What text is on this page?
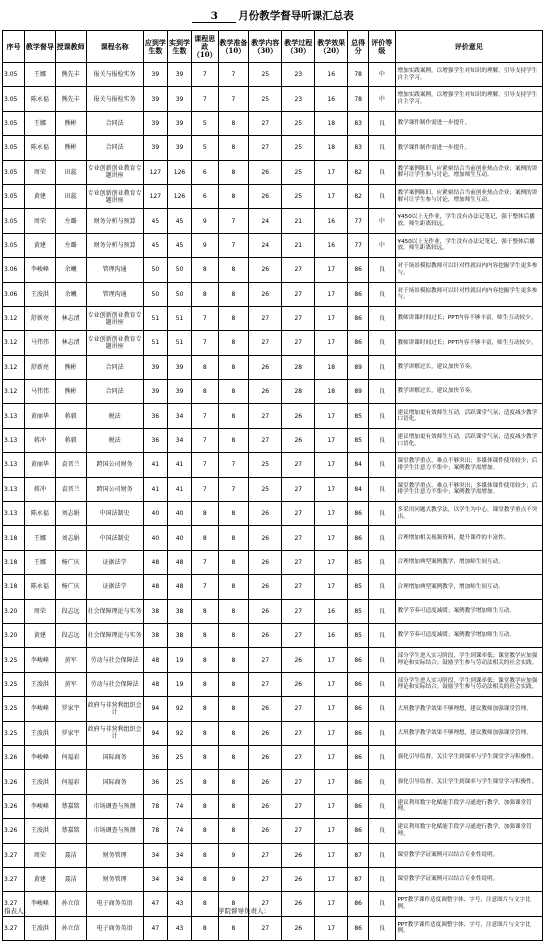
3 月份教学督导听课汇总表
序号	教学督导	授课教师	课程名称	应到学生数	实到学生数	课程思政（10）	教学准备（10）	教学内容（30）	教学过程（30）	教学效果（20）	总得分	评价等级	评价意见
3.05	王娜	熊先丰	报关与报检实务	39	39	7	7	25	23	16	78	中	增加实践案例，以增强学生对知识的理解，引导支持学生自主学习。
3.05	陈永福	熊先丰	报关与报检实务	39	39	7	7	25	23	16	78	中	增加实践案例，以增强学生对知识的理解，引导支持学生自主学习。
3.05	王娜	熊彬	合同法	39	39	5	8	27	25	18	83	良	教学课件制作需进一步提升。
3.05	陈永福	熊彬	合同法	39	39	5	8	27	25	18	83	良	教学课件制作需进一步提升。
3.05	周荣	田蕊	专业创新创业教育专题讲座	127	126	6	8	26	25	17	82	良	教学案例陈旧，应紧密结合当前创业热点企业；案例的讲解可让学生参与讨论，增加师生互动。
3.05	黄建	田蕊	专业创新创业教育专题讲座	127	126	6	8	26	25	17	82	良	教学案例陈旧，应紧密结合当前创业热点企业；案例的讲解可让学生参与讨论，增加师生互动。
3.05	周荣	左璐	财务分析与预算	45	45	9	7	24	21	16	77	中	¥450以上无作业，学生没有办法记笔记，强于整体后播放，师生距离较远。
3.05	黄建	左璐	财务分析与预算	45	45	9	7	24	21	16	77	中	¥450以上无作业，学生没有办法记笔记，强于整体后播放，师生距离较远。
3.06	李峻峰	余曦	管理沟通	50	50	8	8	26	27	17	86	良	对于场景模拟教师可以针对性就局内内容挖掘学生更多参与。
3.06	王浚洪	余曦	管理沟通	50	50	8	8	26	27	17	86	良	对于场景模拟教师可以针对性就局内内容挖掘学生更多参与。
3.12	舒新亮	林志清	专业创新创业教育专题讲座	51	51	7	8	27	27	17	86	良	教师讲课时间过长；PPT内容不够丰富，师生互动较少。
3.12	马伟伟	林志清	专业创新创业教育专题讲座	51	51	7	8	27	27	17	86	良	教师讲课时间过长；PPT内容不够丰富，师生互动较少。
3.12	舒新亮	熊彬	合同法	39	39	8	8	26	28	18	89	良	教学讲解过长，建议加快节奏。
3.12	马伟伟	熊彬	合同法	39	39	8	8	26	28	18	89	良	教学讲解过长，建议加快节奏。
3.13	黄丽华	蒋毅	税法	36	34	7	8	27	26	17	85	良	建议增加更有效师生互动，活跃课堂气氛；适度减少教学口语化。
3.13	蒋冲	蒋毅	税法	36	34	7	8	27	26	17	85	良	建议增加更有效师生互动，活跃课堂气氛；适度减少教学口语化。
3.13	黄丽华	袁晋兰	跨国公司财务	41	41	7	7	25	27	17	84	良	课堂教学重点、难点不够突出；多媒体课件使用较少；后排学生注意力不集中；案例教学需增加。
3.13	蒋冲	袁晋兰	跨国公司财务	41	41	7	7	25	27	17	84	良	课堂教学重点、难点不够突出；多媒体课件使用较少；后排学生注意力不集中；案例教学需增加。
3.13	陈永福	刘志娟	中国法制史	40	40	8	8	26	27	17	86	良	多采用问题式教学法，以学生为中心，课堂教学重点不突出。
3.18	王娜	刘志娟	中国法制史	40	40	8	8	26	27	17	86	良	合理增加相关视频资料，提升课件的丰富性。
3.18	王娜	杨广庆	证据法学	48	48	7	8	26	27	17	85	良	合理增加典型案例教学，增加师生间互动。
3.18	陈永福	杨广庆	证据法学	48	48	7	8	26	27	17	85	良	合理增加典型案例教学，增加师生间互动。
3.20	周荣	段志远	社会保障理论与实务	38	38	8	8	26	27	16	85	良	教学节奏可适度减缓；案例教学增加师生互动。
3.20	黄建	段志远	社会保障理论与实务	38	38	8	8	26	27	16	85	良	教学节奏可适度减缓；案例教学增加师生互动。
3.25	李峻峰	黄军	劳动与社会保障法	48	19	8	8	27	26	17	86	良	部分学生进入实习阶段，学生到课率低；课堂教学应加强理论和实际结合；鼓励学生参与劳动法相关的社会实践。
3.25	王浚洪	黄军	劳动与社会保障法	48	19	8	8	27	26	17	86	良	部分学生进入实习阶段，学生到课率低；课堂教学应加强理论和实际结合；鼓励学生参与劳动法相关的社会实践。
3.25	李峻峰	罗家宇	政府与非营利组织会计	94	92	8	8	26	27	17	86	良	大班教学教学效果不够理想，建议教师加强课堂管理。
3.25	王浚洪	罗家宇	政府与非营利组织会计	94	92	8	8	26	27	17	86	良	大班教学教学效果不够理想，建议教师加强课堂管理。
3.26	李峻峰	何福彩	国际商务	36	25	8	8	26	27	17	86	良	强化引导监督，关注学生到课率与学生课堂学习积极性。
3.26	王浚洪	何福彩	国际商务	36	25	8	8	26	27	17	86	良	强化引导监督，关注学生到课率与学生课堂学习积极性。
3.26	李峻峰	蔡嘉铭	市场调查与预测	78	74	8	8	26	27	17	86	良	建议利用数字化赋能手段学习通进行教学，加强课堂管理。
3.26	王浚洪	蔡嘉铭	市场调查与预测	78	74	8	8	26	27	17	86	良	建议利用数字化赋能手段学习通进行教学，加强课堂管理。
3.27	周荣	聂洁	财务管理	34	34	8	9	27	26	17	87	良	课堂教学学证案例可以结合专业性说明。
3.27	黄建	聂洁	财务管理	34	34	8	9	27	26	17	87	良	课堂教学学证案例可以结合专业性说明。
3.27	李峻峰	孙立信	电子商务英语	47	43	8	8	27	26	17	86	良	PPT教学课件适度调整字体、字号，注意图片与文字比例。
3.27	王浚洪	孙立信	电子商务英语	47	43	8	8	27	26	17	86	良	PPT教学课件适度调整字体、字号，注意图片与文字比例。
指表人：	学院督导负责人：
